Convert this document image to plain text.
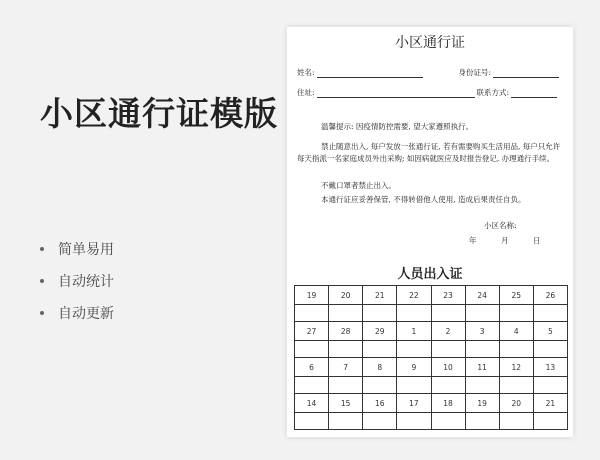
小区通行证模版
简单易用
自动统计
自动更新
小区通行证
姓名:	身份证号:
住址:	联系方式:
温馨提示: 因疫情防控需要, 望大家遵照执行。
禁止随意出入, 每户发放一张通行证, 若有需要购买生活用品, 每户只允许每天指派一名家庭成员外出采购; 如因病就医应及时报告登记, 办理通行手续。
不戴口罩者禁止出入。
本通行证应妥善保管, 不得转借他人使用, 造成后果责任自负。
小区名称:
年	月	日
人员出入证
19	20	21	22	23	24	25	26

27	28	29	1	2	3	4	5

6	7	8	9	10	11	12	13

14	15	16	17	18	19	20	21
